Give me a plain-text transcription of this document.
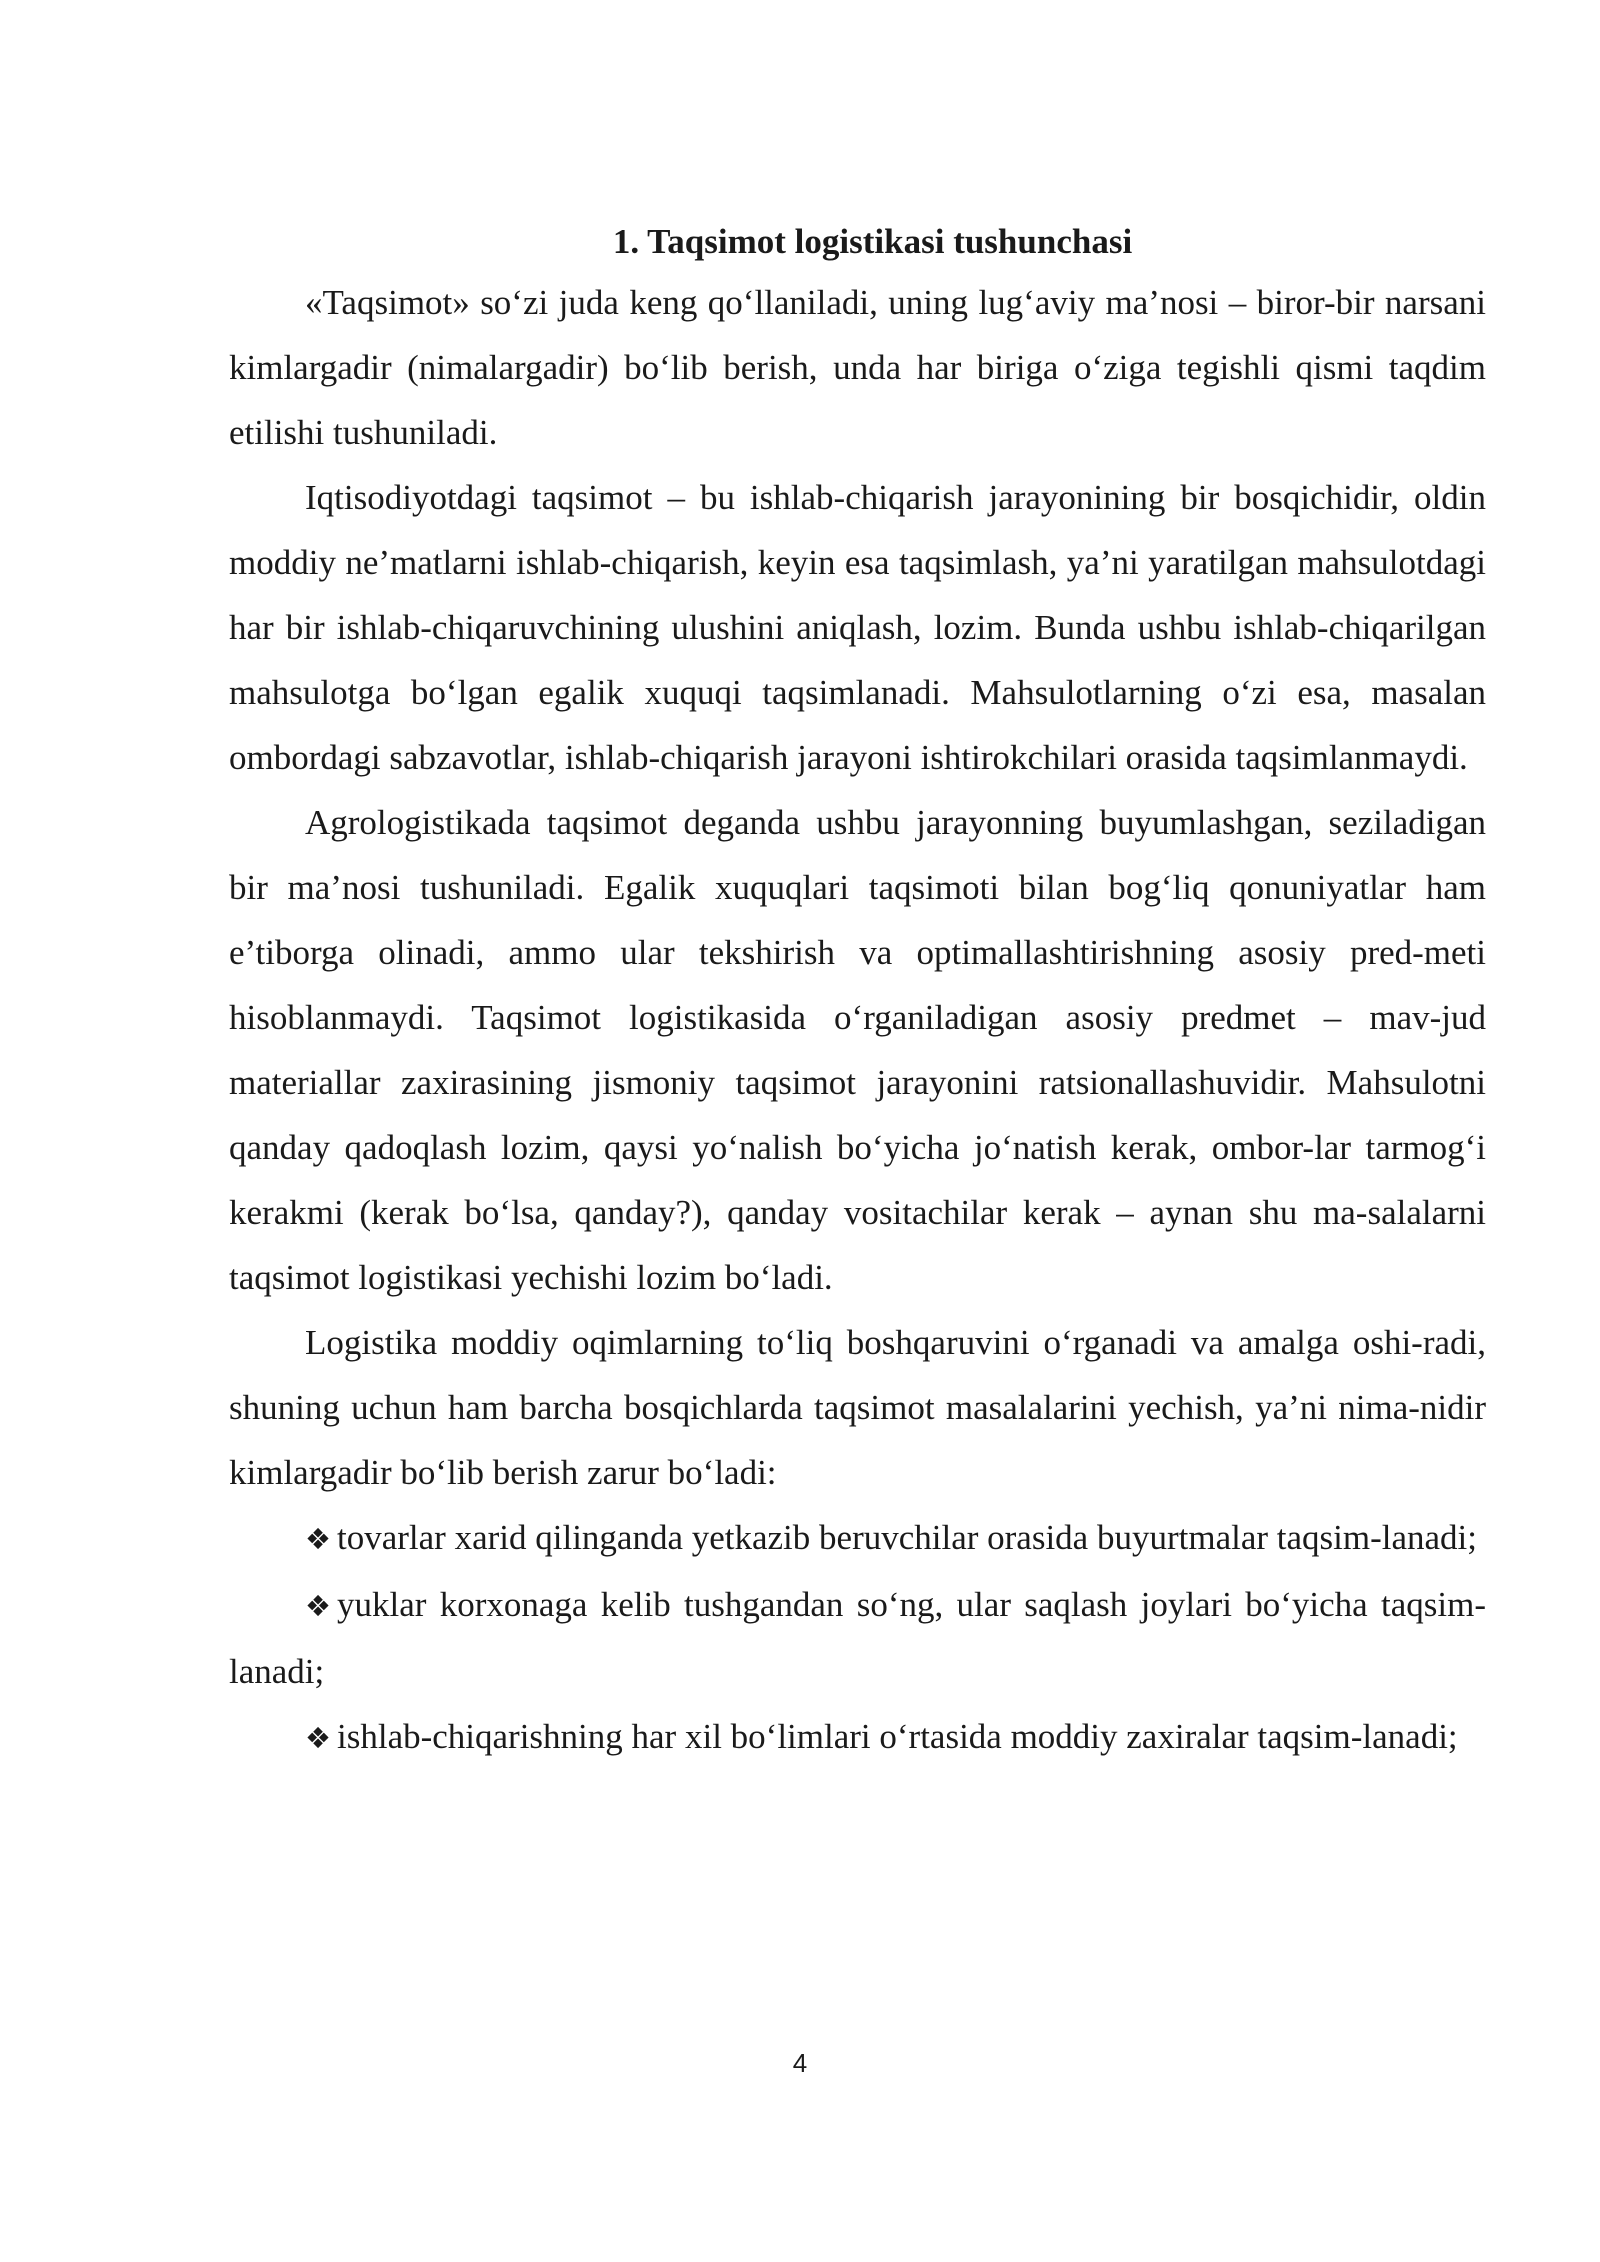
1. Taqsimot logistikasi tushunchasi

«Taqsimot» so‘zi juda keng qo‘llaniladi, uning lug‘aviy ma’nosi – biror-bir narsani kimlargadir (nimalargadir) bo‘lib berish, unda har biriga o‘ziga tegishli qismi taqdim etilishi tushuniladi.

Iqtisodiyotdagi taqsimot – bu ishlab-chiqarish jarayonining bir bosqichidir, oldin moddiy ne’matlarni ishlab-chiqarish, keyin esa taqsimlash, ya’ni yaratilgan mahsulotdagi har bir ishlab-chiqaruvchining ulushini aniqlash, lozim. Bunda ushbu ishlab-chiqarilgan mahsulotga bo‘lgan egalik xuquqi taqsimlanadi. Mahsulotlarning o‘zi esa, masalan ombordagi sabzavotlar, ishlab-chiqarish jarayoni ishtirokchilari orasida taqsimlanmaydi.

Agrologistikada taqsimot deganda ushbu jarayonning buyumlashgan, seziladigan bir ma’nosi tushuniladi. Egalik xuquqlari taqsimoti bilan bog‘liq qonuniyatlar ham e’tiborga olinadi, ammo ular tekshirish va optimallashtirishning asosiy pred-meti hisoblanmaydi. Taqsimot logistikasida o‘rganiladigan asosiy predmet – mav-jud materiallar zaxirasining jismoniy taqsimot jarayonini ratsionallashuvidir. Mahsulotni qanday qadoqlash lozim, qaysi yo‘nalish bo‘yicha jo‘natish kerak, ombor-lar tarmog‘i kerakmi (kerak bo‘lsa, qanday?), qanday vositachilar kerak – aynan shu ma-salalarni taqsimot logistikasi yechishi lozim bo‘ladi.

Logistika moddiy oqimlarning to‘liq boshqaruvini o‘rganadi va amalga oshi-radi, shuning uchun ham barcha bosqichlarda taqsimot masalalarini yechish, ya’ni nima-nidir kimlargadir bo‘lib berish zarur bo‘ladi:

❖ tovarlar xarid qilinganda yetkazib beruvchilar orasida buyurtmalar taqsim-lanadi;

❖ yuklar korxonaga kelib tushgandan so‘ng, ular saqlash joylari bo‘yicha taqsim-lanadi;

❖ ishlab-chiqarishning har xil bo‘limlari o‘rtasida moddiy zaxiralar taqsim-lanadi;

4
